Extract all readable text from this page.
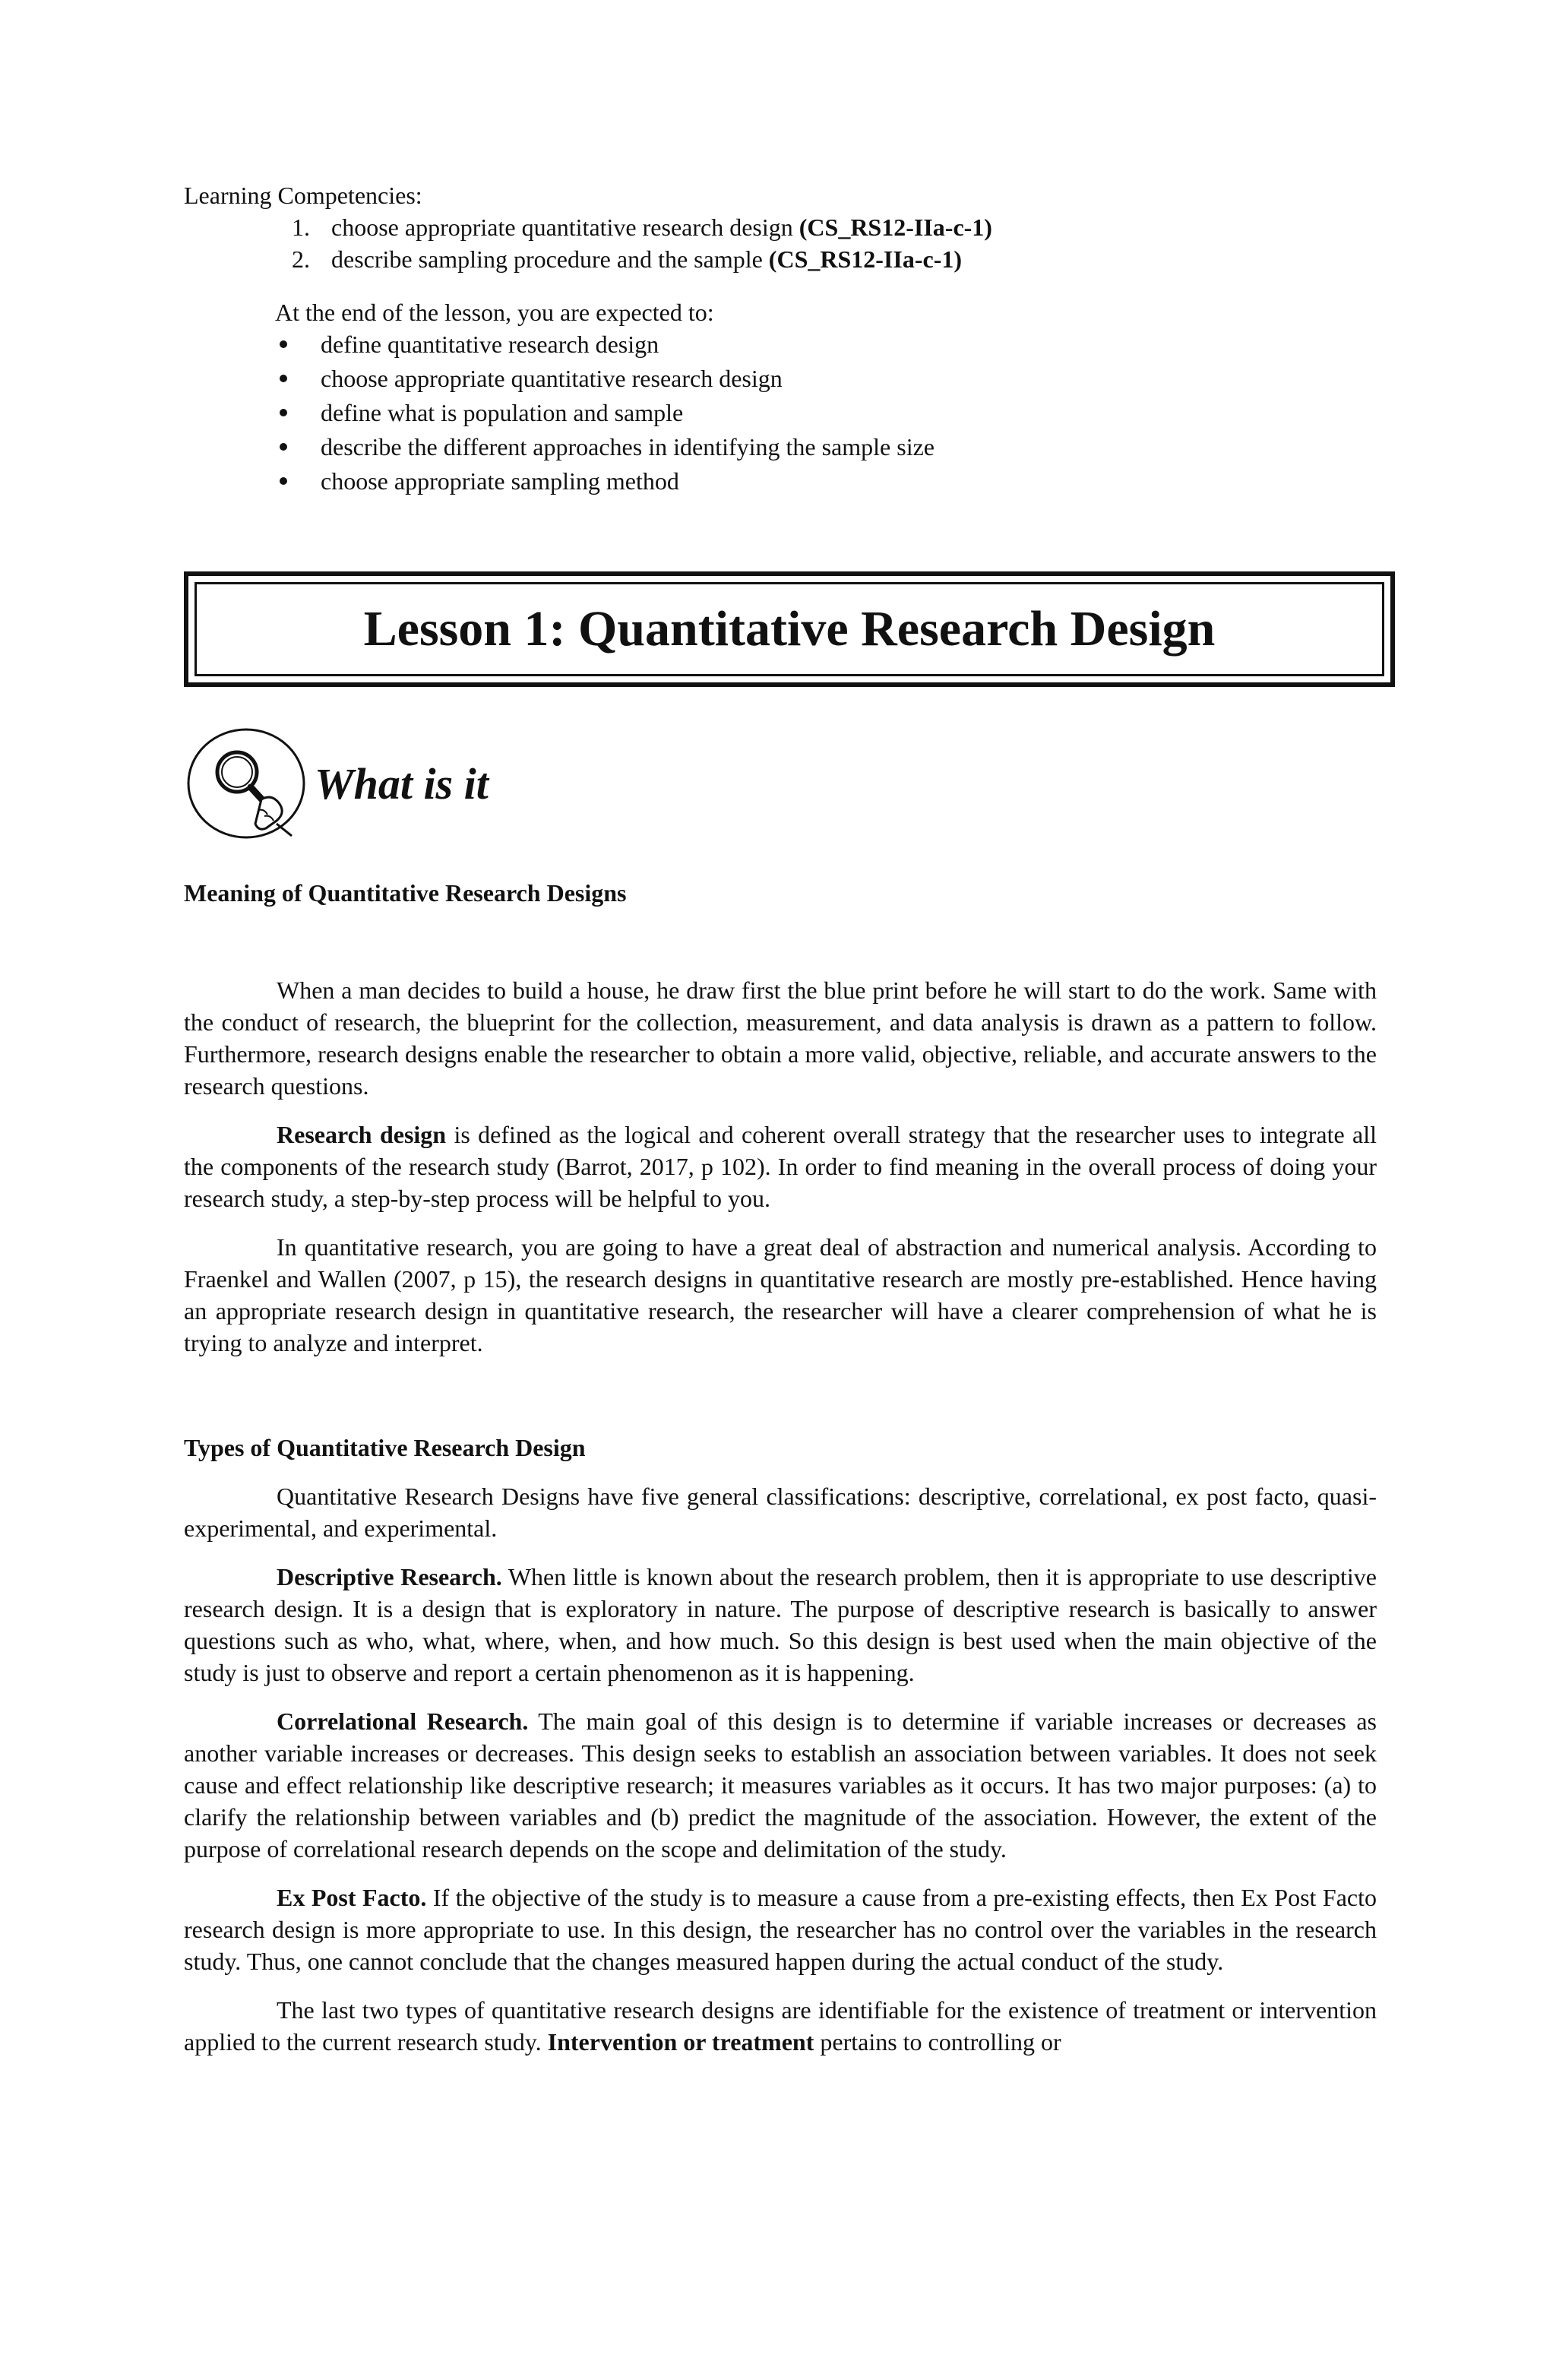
Learning Competencies:

1. choose appropriate quantitative research design (CS_RS12-IIa-c-1)
2. describe sampling procedure and the sample (CS_RS12-IIa-c-1)

At the end of the lesson, you are expected to:

define quantitative research design
choose appropriate quantitative research design
define what is population and sample
describe the different approaches in identifying the sample size
choose appropriate sampling method
Lesson 1: Quantitative Research Design
What is it

Meaning of Quantitative Research Designs

When a man decides to build a house, he draw first the blue print before he will start to do the work. Same with the conduct of research, the blueprint for the collection, measurement, and data analysis is drawn as a pattern to follow. Furthermore, research designs enable the researcher to obtain a more valid, objective, reliable, and accurate answers to the research questions.

Research design is defined as the logical and coherent overall strategy that the researcher uses to integrate all the components of the research study (Barrot, 2017, p 102). In order to find meaning in the overall process of doing your research study, a step-by-step process will be helpful to you.

In quantitative research, you are going to have a great deal of abstraction and numerical analysis. According to Fraenkel and Wallen (2007, p 15), the research designs in quantitative research are mostly pre-established. Hence having an appropriate research design in quantitative research, the researcher will have a clearer comprehension of what he is trying to analyze and interpret.

Types of Quantitative Research Design

Quantitative Research Designs have five general classifications: descriptive, correlational, ex post facto, quasi-experimental, and experimental.

Descriptive Research. When little is known about the research problem, then it is appropriate to use descriptive research design. It is a design that is exploratory in nature. The purpose of descriptive research is basically to answer questions such as who, what, where, when, and how much. So this design is best used when the main objective of the study is just to observe and report a certain phenomenon as it is happening.

Correlational Research. The main goal of this design is to determine if variable increases or decreases as another variable increases or decreases. This design seeks to establish an association between variables. It does not seek cause and effect relationship like descriptive research; it measures variables as it occurs. It has two major purposes: (a) to clarify the relationship between variables and (b) predict the magnitude of the association. However, the extent of the purpose of correlational research depends on the scope and delimitation of the study.

Ex Post Facto. If the objective of the study is to measure a cause from a pre-existing effects, then Ex Post Facto research design is more appropriate to use. In this design, the researcher has no control over the variables in the research study. Thus, one cannot conclude that the changes measured happen during the actual conduct of the study.

The last two types of quantitative research designs are identifiable for the existence of treatment or intervention applied to the current research study. Intervention or treatment pertains to controlling or
